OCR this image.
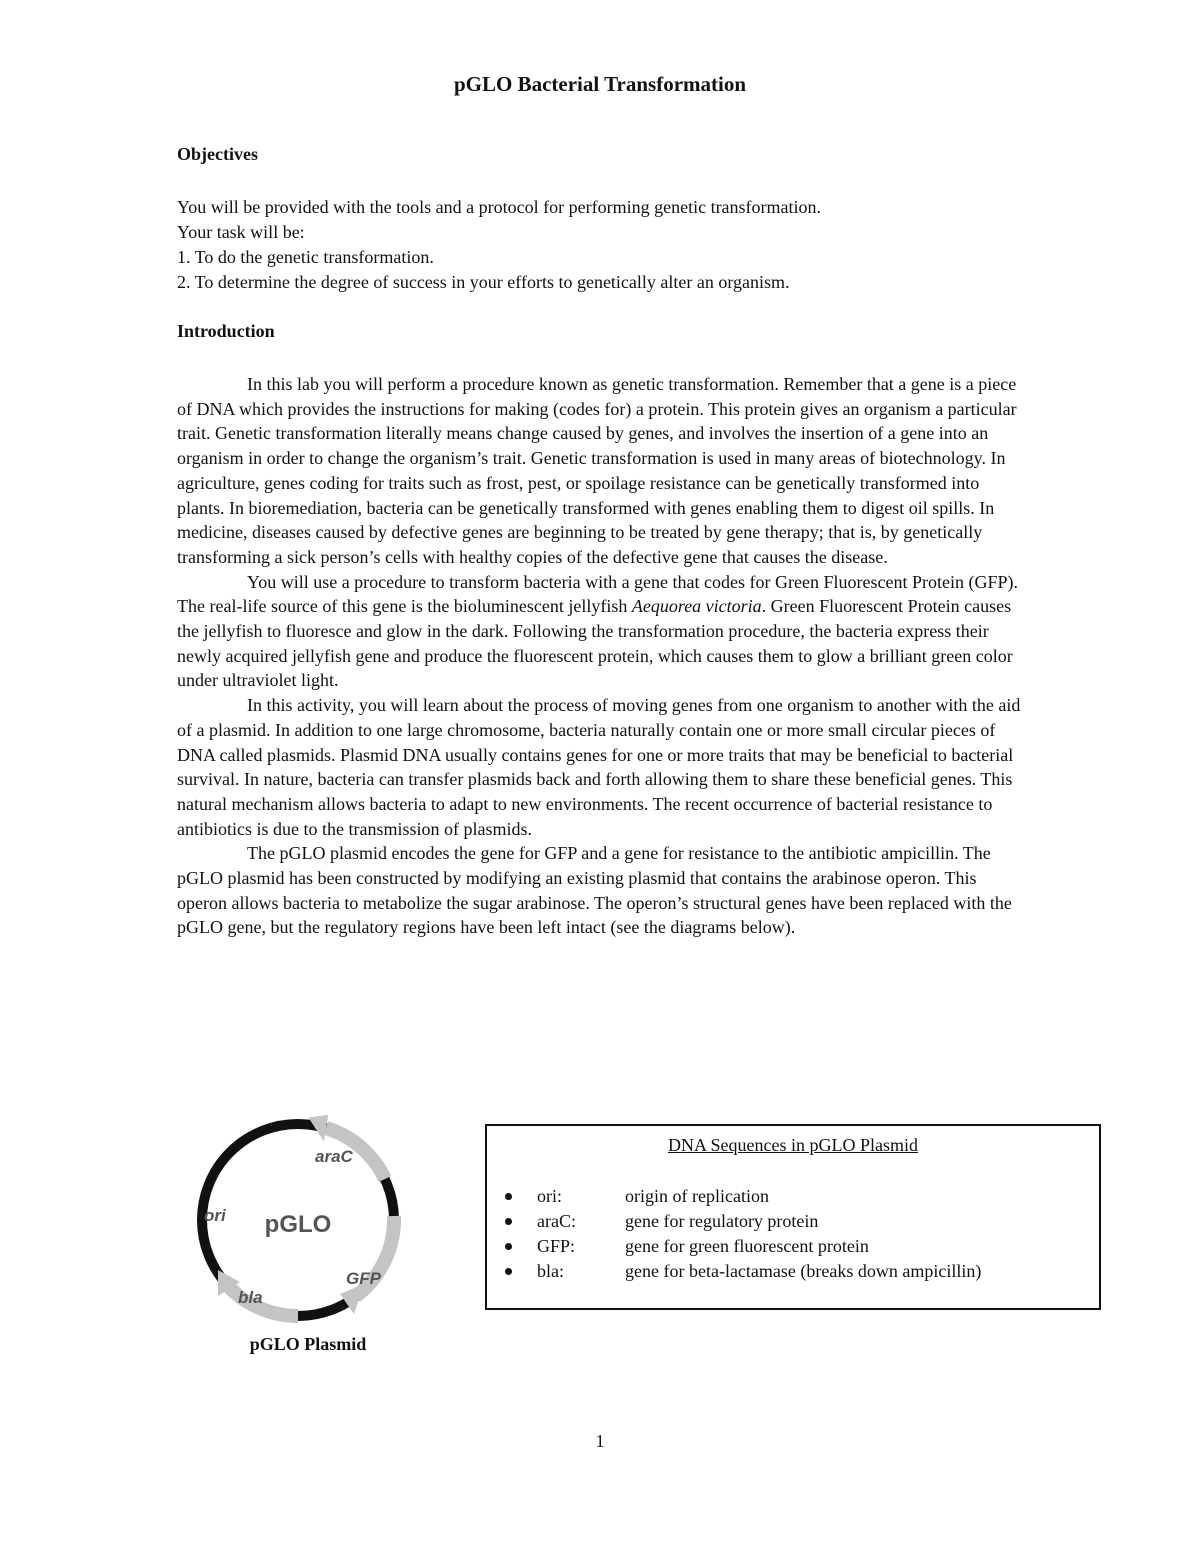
pGLO Bacterial Transformation
Objectives
You will be provided with the tools and a protocol for performing genetic transformation.
Your task will be:
1. To do the genetic transformation.
2. To determine the degree of success in your efforts to genetically alter an organism.
Introduction

In this lab you will perform a procedure known as genetic transformation. Remember that a gene is a piece of DNA which provides the instructions for making (codes for) a protein. This protein gives an organism a particular trait. Genetic transformation literally means change caused by genes, and involves the insertion of a gene into an organism in order to change the organism’s trait. Genetic transformation is used in many areas of biotechnology. In agriculture, genes coding for traits such as frost, pest, or spoilage resistance can be genetically transformed into plants. In bioremediation, bacteria can be genetically transformed with genes enabling them to digest oil spills. In medicine, diseases caused by defective genes are beginning to be treated by gene therapy; that is, by genetically transforming a sick person’s cells with healthy copies of the defective gene that causes the disease.

You will use a procedure to transform bacteria with a gene that codes for Green Fluorescent Protein (GFP). The real-life source of this gene is the bioluminescent jellyfish Aequorea victoria. Green Fluorescent Protein causes the jellyfish to fluoresce and glow in the dark. Following the transformation procedure, the bacteria express their newly acquired jellyfish gene and produce the fluorescent protein, which causes them to glow a brilliant green color under ultraviolet light.

In this activity, you will learn about the process of moving genes from one organism to another with the aid of a plasmid. In addition to one large chromosome, bacteria naturally contain one or more small circular pieces of DNA called plasmids. Plasmid DNA usually contains genes for one or more traits that may be beneficial to bacterial survival. In nature, bacteria can transfer plasmids back and forth allowing them to share these beneficial genes. This natural mechanism allows bacteria to adapt to new environments. The recent occurrence of bacterial resistance to antibiotics is due to the transmission of plasmids.

The pGLO plasmid encodes the gene for GFP and a gene for resistance to the antibiotic ampicillin. The pGLO plasmid has been constructed by modifying an existing plasmid that contains the arabinose operon. This operon allows bacteria to metabolize the sugar arabinose. The operon’s structural genes have been replaced with the pGLO gene, but the regulatory regions have been left intact (see the diagrams below).

pGLO
araC
ori
GFP
bla
pGLO Plasmid
DNA Sequences in pGLO Plasmid
ori:	origin of replication
araC:	gene for regulatory protein
GFP:	gene for green fluorescent protein
bla:	gene for beta-lactamase (breaks down ampicillin)
1
